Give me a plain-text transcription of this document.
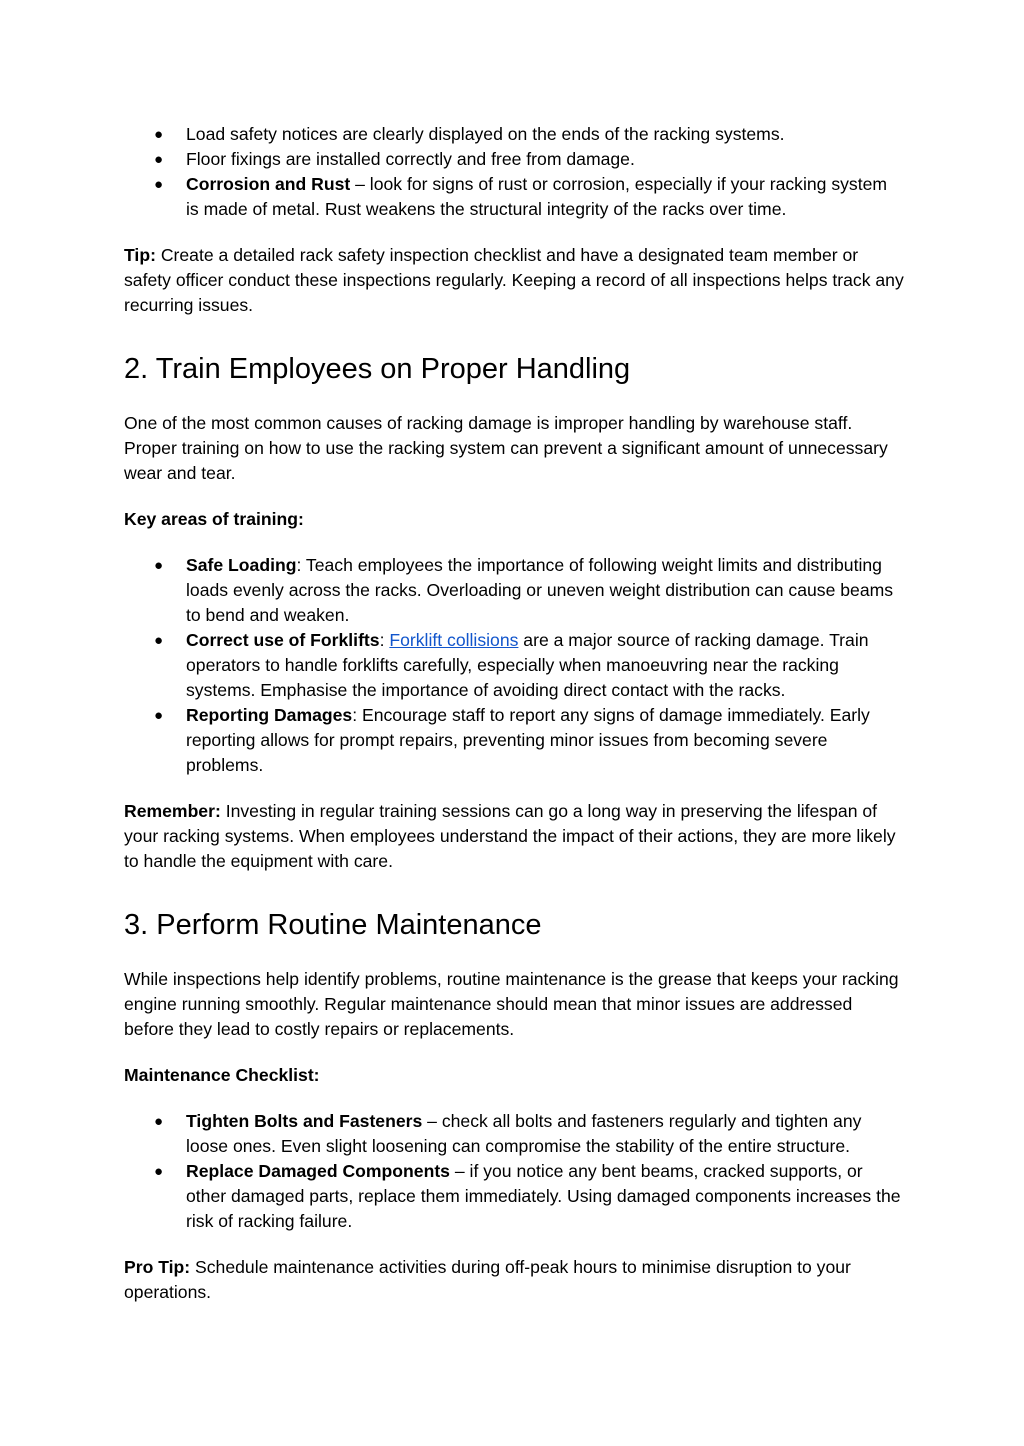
● Load safety notices are clearly displayed on the ends of the racking systems.
● Floor fixings are installed correctly and free from damage.
● Corrosion and Rust – look for signs of rust or corrosion, especially if your racking system is made of metal. Rust weakens the structural integrity of the racks over time.

Tip: Create a detailed rack safety inspection checklist and have a designated team member or safety officer conduct these inspections regularly. Keeping a record of all inspections helps track any recurring issues.

2. Train Employees on Proper Handling

One of the most common causes of racking damage is improper handling by warehouse staff. Proper training on how to use the racking system can prevent a significant amount of unnecessary wear and tear.

Key areas of training:

● Safe Loading: Teach employees the importance of following weight limits and distributing loads evenly across the racks. Overloading or uneven weight distribution can cause beams to bend and weaken.
● Correct use of Forklifts: Forklift collisions are a major source of racking damage. Train operators to handle forklifts carefully, especially when manoeuvring near the racking systems. Emphasise the importance of avoiding direct contact with the racks.
● Reporting Damages: Encourage staff to report any signs of damage immediately. Early reporting allows for prompt repairs, preventing minor issues from becoming severe problems.

Remember: Investing in regular training sessions can go a long way in preserving the lifespan of your racking systems. When employees understand the impact of their actions, they are more likely to handle the equipment with care.

3. Perform Routine Maintenance

While inspections help identify problems, routine maintenance is the grease that keeps your racking engine running smoothly. Regular maintenance should mean that minor issues are addressed before they lead to costly repairs or replacements.

Maintenance Checklist:

● Tighten Bolts and Fasteners – check all bolts and fasteners regularly and tighten any loose ones. Even slight loosening can compromise the stability of the entire structure.
● Replace Damaged Components – if you notice any bent beams, cracked supports, or other damaged parts, replace them immediately. Using damaged components increases the risk of racking failure.

Pro Tip: Schedule maintenance activities during off-peak hours to minimise disruption to your operations.
